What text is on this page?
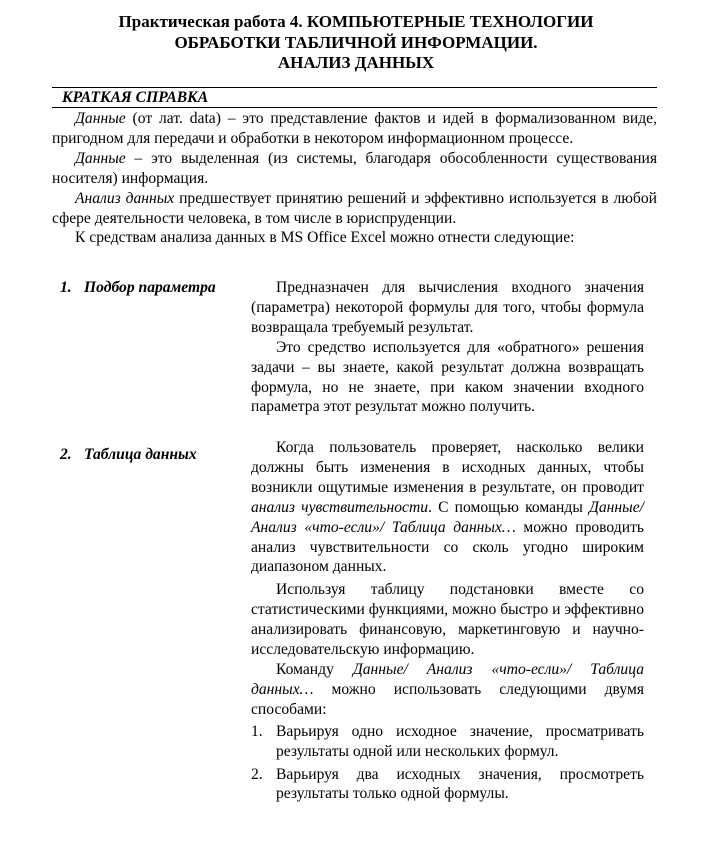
Практическая работа 4. КОМПЬЮТЕРНЫЕ ТЕХНОЛОГИИ
ОБРАБОТКИ ТАБЛИЧНОЙ ИНФОРМАЦИИ.
АНАЛИЗ ДАННЫХ
КРАТКАЯ СПРАВКА

Данные (от лат. data) – это представление фактов и идей в формализованном виде, пригодном для передачи и обработки в некотором информационном процессе.

Данные – это выделенная (из системы, благодаря обособленности существования носителя) информация.

Анализ данных предшествует принятию решений и эффективно используется в любой сфере деятельности человека, в том числе в юриспруденции.

К средствам анализа данных в MS Office Excel можно отнести следующие:

1. Подбор параметра	Предназначен для вычисления входного значения (параметра) некоторой формулы для того, чтобы формула возвращала требуемый результат.

Это средство используется для «обратного» решения задачи – вы знаете, какой результат должна возвращать формула, но не знаете, при каком значении входного параметра этот результат можно получить.

2. Таблица данных	Когда пользователь проверяет, насколько велики должны быть изменения в исходных данных, чтобы возникли ощутимые изменения в результате, он проводит анализ чувствительности. С помощью команды Данные/ Анализ «что-если»/ Таблица данных… можно проводить анализ чувствительности со сколь угодно широким диапазоном данных.

Используя таблицу подстановки вместе со статистическими функциями, можно быстро и эффективно анализировать финансовую, маркетинговую и научно-исследовательскую информацию.

Команду Данные/ Анализ «что-если»/ Таблица данных… можно использовать следующими двумя способами:

1. Варьируя одно исходное значение, просматривать результаты одной или нескольких формул.
2. Варьируя два исходных значения, просмотреть результаты только одной формулы.
